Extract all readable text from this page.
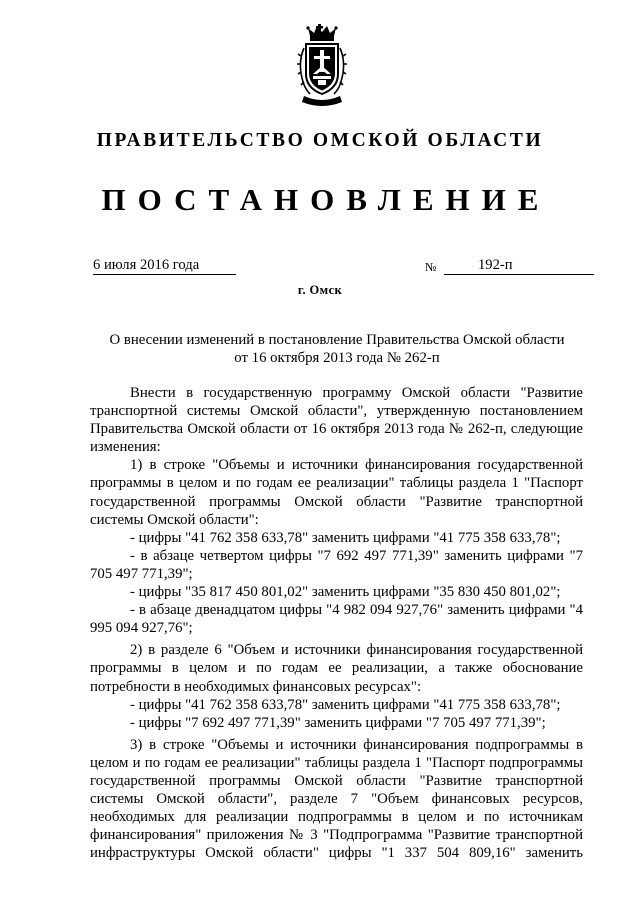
ПРАВИТЕЛЬСТВО ОМСКОЙ ОБЛАСТИ
ПОСТАНОВЛЕНИЕ
6 июля 2016 года	№	192-п
г. Омск
О внесении изменений в постановление Правительства Омской области
от 16 октября 2013 года № 262-п

Внести в государственную программу Омской области "Развитие транспортной системы Омской области", утвержденную постановлением Правительства Омской области от 16 октября 2013 года № 262-п, следующие изменения:

1) в строке "Объемы и источники финансирования государственной программы в целом и по годам ее реализации" таблицы раздела 1 "Паспорт государственной программы Омской области "Развитие транспортной системы Омской области":

- цифры "41 762 358 633,78" заменить цифрами "41 775 358 633,78";

- в абзаце четвертом цифры "7 692 497 771,39" заменить цифрами "7 705 497 771,39";

- цифры "35 817 450 801,02" заменить цифрами "35 830 450 801,02";

- в абзаце двенадцатом цифры "4 982 094 927,76" заменить цифрами "4 995 094 927,76";

2) в разделе 6 "Объем и источники финансирования государственной программы в целом и по годам ее реализации, а также обоснование потребности в необходимых финансовых ресурсах":

- цифры "41 762 358 633,78" заменить цифрами "41 775 358 633,78";

- цифры "7 692 497 771,39" заменить цифрами "7 705 497 771,39";

3) в строке "Объемы и источники финансирования подпрограммы в целом и по годам ее реализации" таблицы раздела 1 "Паспорт подпрограммы государственной программы Омской области "Развитие транспортной системы Омской области", разделе 7 "Объем финансовых ресурсов, необходимых для реализации подпрограммы в целом и по источникам финансирования" приложения № 3 "Подпрограмма "Развитие транспортной инфраструктуры Омской области" цифры "1 337 504 809,16" заменить
